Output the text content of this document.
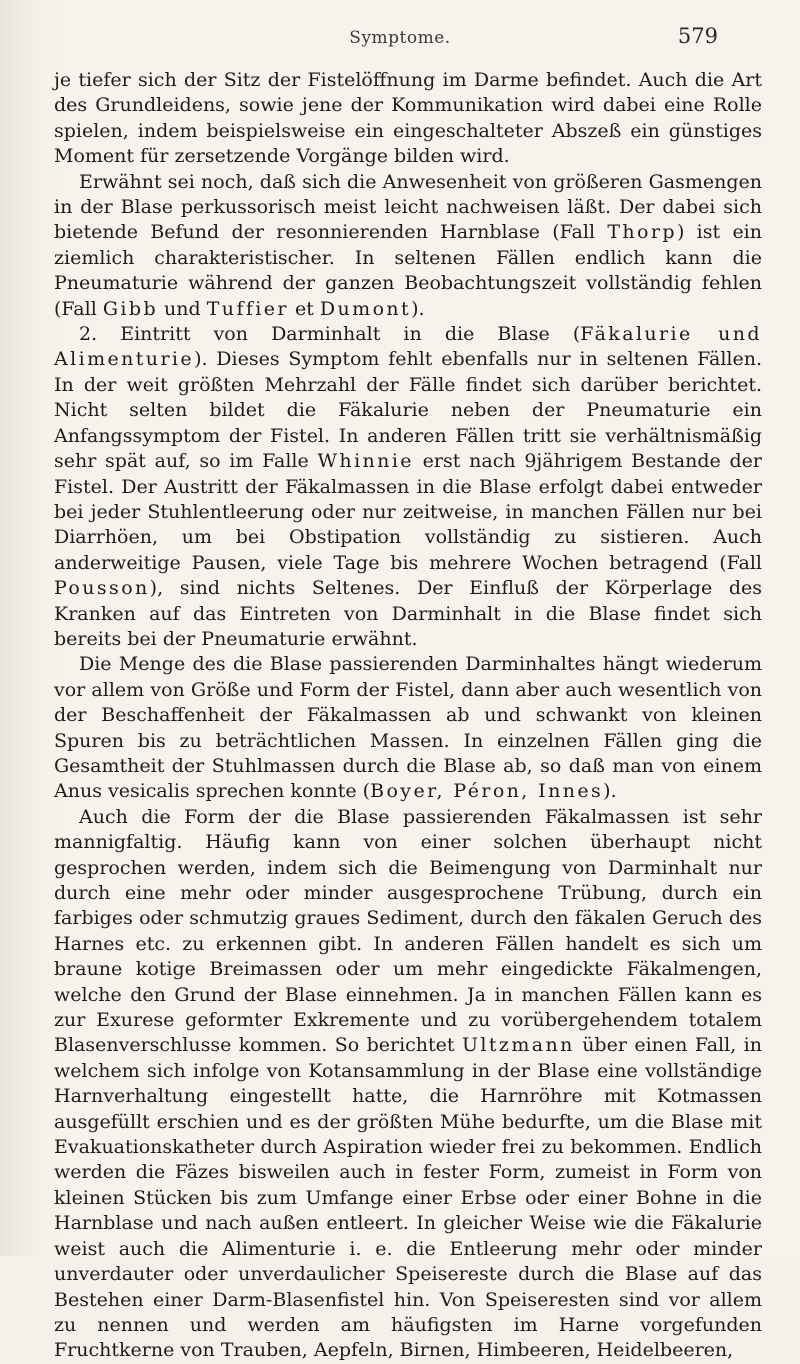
Symptome.	579

je tiefer sich der Sitz der Fistelöffnung im Darme befindet. Auch die Art des Grundleidens, sowie jene der Kommunikation wird dabei eine Rolle spielen, indem beispielsweise ein eingeschalteter Abszeß ein günstiges Moment für zersetzende Vorgänge bilden wird.

Erwähnt sei noch, daß sich die Anwesenheit von größeren Gasmengen in der Blase perkussorisch meist leicht nachweisen läßt. Der dabei sich bietende Befund der resonnierenden Harnblase (Fall Thorp) ist ein ziemlich charakteristischer. In seltenen Fällen endlich kann die Pneumaturie während der ganzen Beobachtungszeit vollständig fehlen (Fall Gibb und Tuffier et Dumont).

2. Eintritt von Darminhalt in die Blase (Fäkalurie und Alimenturie). Dieses Symptom fehlt ebenfalls nur in seltenen Fällen. In der weit größten Mehrzahl der Fälle findet sich darüber berichtet. Nicht selten bildet die Fäkalurie neben der Pneumaturie ein Anfangssymptom der Fistel. In anderen Fällen tritt sie verhältnismäßig sehr spät auf, so im Falle Whinnie erst nach 9jährigem Bestande der Fistel. Der Austritt der Fäkalmassen in die Blase erfolgt dabei entweder bei jeder Stuhlentleerung oder nur zeitweise, in manchen Fällen nur bei Diarrhöen, um bei Obstipation vollständig zu sistieren. Auch anderweitige Pausen, viele Tage bis mehrere Wochen betragend (Fall Pousson), sind nichts Seltenes. Der Einfluß der Körperlage des Kranken auf das Eintreten von Darminhalt in die Blase findet sich bereits bei der Pneumaturie erwähnt.

Die Menge des die Blase passierenden Darminhaltes hängt wiederum vor allem von Größe und Form der Fistel, dann aber auch wesentlich von der Beschaffenheit der Fäkalmassen ab und schwankt von kleinen Spuren bis zu beträchtlichen Massen. In einzelnen Fällen ging die Gesamtheit der Stuhlmassen durch die Blase ab, so daß man von einem Anus vesicalis sprechen konnte (Boyer, Péron, Innes).

Auch die Form der die Blase passierenden Fäkalmassen ist sehr mannigfaltig. Häufig kann von einer solchen überhaupt nicht gesprochen werden, indem sich die Beimengung von Darminhalt nur durch eine mehr oder minder ausgesprochene Trübung, durch ein farbiges oder schmutzig graues Sediment, durch den fäkalen Geruch des Harnes etc. zu erkennen gibt. In anderen Fällen handelt es sich um braune kotige Breimassen oder um mehr eingedickte Fäkalmengen, welche den Grund der Blase einnehmen. Ja in manchen Fällen kann es zur Exurese geformter Exkremente und zu vorübergehendem totalem Blasenverschlusse kommen. So berichtet Ultzmann über einen Fall, in welchem sich infolge von Kotansammlung in der Blase eine vollständige Harnverhaltung eingestellt hatte, die Harnröhre mit Kotmassen ausgefüllt erschien und es der größten Mühe bedurfte, um die Blase mit Evakuationskatheter durch Aspiration wieder frei zu bekommen. Endlich werden die Fäzes bisweilen auch in fester Form, zumeist in Form von kleinen Stücken bis zum Umfange einer Erbse oder einer Bohne in die Harnblase und nach außen entleert. In gleicher Weise wie die Fäkalurie weist auch die Alimenturie i. e. die Entleerung mehr oder minder unverdauter oder unverdaulicher Speisereste durch die Blase auf das Bestehen einer Darm-Blasenfistel hin. Von Speiseresten sind vor allem zu nennen und werden am häufigsten im Harne vorgefunden Fruchtkerne von Trauben, Aepfeln, Birnen, Himbeeren, Heidelbeeren,
